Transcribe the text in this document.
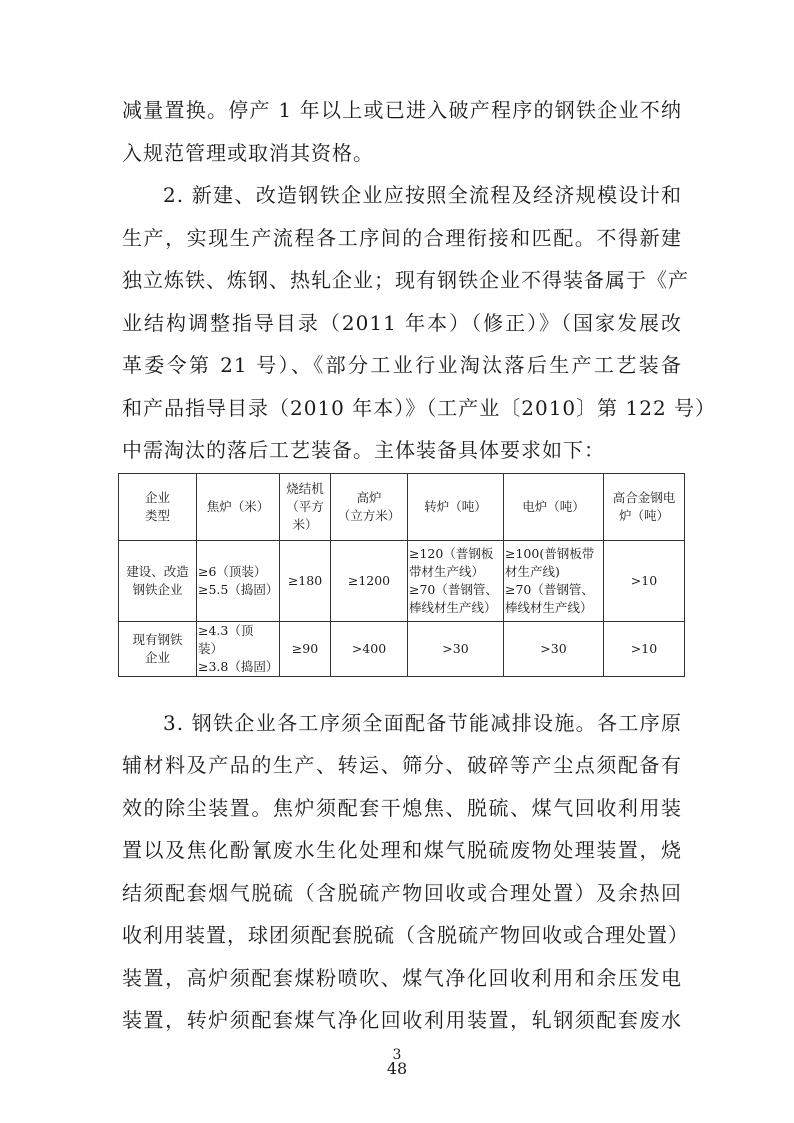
减量置换。停产 1 年以上或已进入破产程序的钢铁企业不纳
入规范管理或取消其资格。
2. 新建、改造钢铁企业应按照全流程及经济规模设计和
生产，实现生产流程各工序间的合理衔接和匹配。不得新建
独立炼铁、炼钢、热轧企业；现有钢铁企业不得装备属于《产
业结构调整指导目录（2011 年本）（修正）》（国家发展改
革委令第 21 号）、《部分工业行业淘汰落后生产工艺装备
和产品指导目录（2010 年本）》（工产业〔2010〕第 122 号）
中需淘汰的落后工艺装备。主体装备具体要求如下：
企业
类型	焦炉（米）	烧结机
（平方
米）	高炉
（立方米）	转炉（吨）	电炉（吨）	高合金钢电
炉（吨）
建设、改造
钢铁企业	≥6（顶装）
≥5.5（捣固）	≥180	≥1200	≥120（普钢板
带材生产线）
≥70（普钢管、
棒线材生产线）	≥100(普钢板带
材生产线)
≥70（普钢管、
棒线材生产线）	>10
现有钢铁
企业	≥4.3（顶装）
≥3.8（捣固）	≥90	>400	>30	>30	>10
3. 钢铁企业各工序须全面配备节能减排设施。各工序原
辅材料及产品的生产、转运、筛分、破碎等产尘点须配备有
效的除尘装置。焦炉须配套干熄焦、脱硫、煤气回收利用装
置以及焦化酚氰废水生化处理和煤气脱硫废物处理装置，烧
结须配套烟气脱硫（含脱硫产物回收或合理处置）及余热回
收利用装置，球团须配套脱硫（含脱硫产物回收或合理处置）
装置，高炉须配套煤粉喷吹、煤气净化回收利用和余压发电
装置，转炉须配套煤气净化回收利用装置，轧钢须配套废水
3
48
